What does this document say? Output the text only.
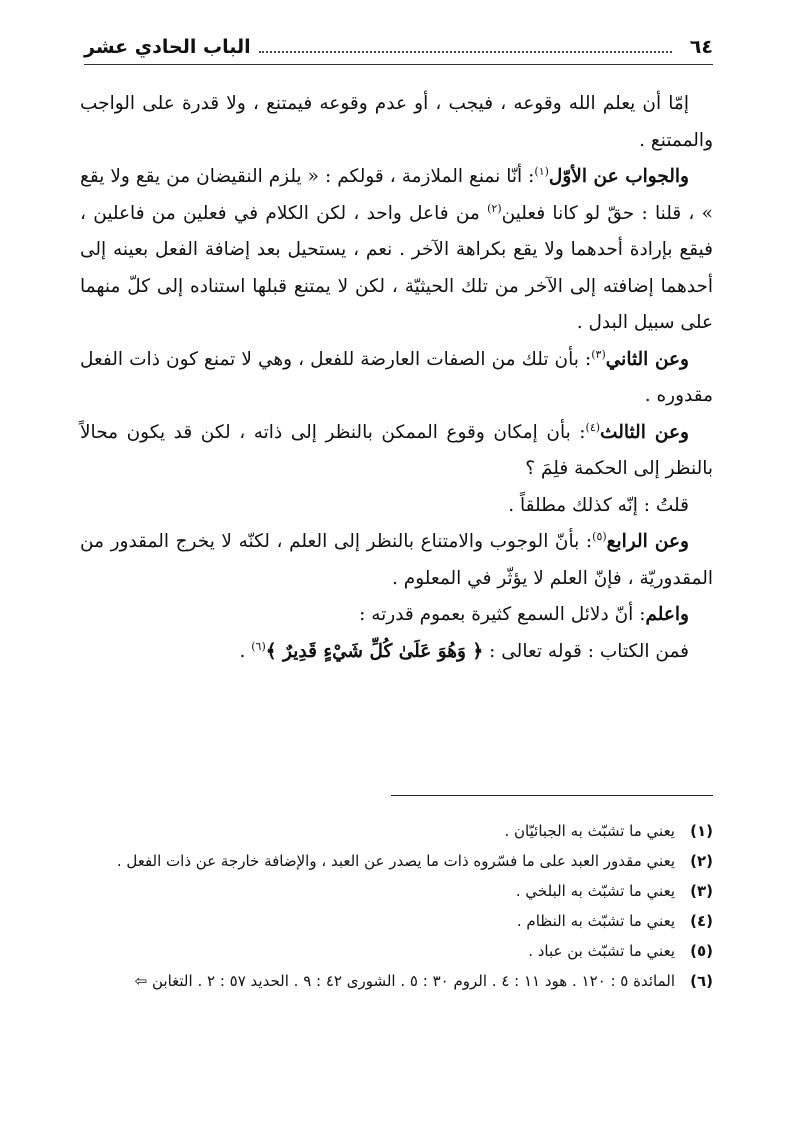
٦٤
الباب الحادي عشر

إمّا أن يعلم الله وقوعه ، فيجب ، أو عدم وقوعه فيمتنع ، ولا قدرة على الواجب والممتنع .

والجواب عن الأوّل$^{(١)}$: أنّا نمنع الملازمة ، قولكم : « يلزم النقيضان من يقع ولا يقع » ، قلنا : حقّ لو كانا فعلين$^{(٢)}$ من فاعل واحد ، لكن الكلام في فعلين من فاعلين ، فيقع بإرادة أحدهما ولا يقع بكراهة الآخر . نعم ، يستحيل بعد إضافة الفعل بعينه إلى أحدهما إضافته إلى الآخر من تلك الحيثيّة ، لكن لا يمتنع قبلها استناده إلى كلّ منهما على سبيل البدل .

وعن الثاني$^{(٣)}$: بأن تلك من الصفات العارضة للفعل ، وهي لا تمنع كون ذات الفعل مقدوره .

وعن الثالث$^{(٤)}$: بأن إمكان وقوع الممكن بالنظر إلى ذاته ، لكن قد يكون محالاً بالنظر إلى الحكمة فلِمَ ؟

قلتُ : إنّه كذلك مطلقاً .

وعن الرابع$^{(٥)}$: بأنّ الوجوب والامتناع بالنظر إلى العلم ، لكنّه لا يخرج المقدور من المقدوريّة ، فإنّ العلم لا يؤثّر في المعلوم .

واعلم: أنّ دلائل السمع كثيرة بعموم قدرته :

فمن الكتاب : قوله تعالى : ﴿ وَهُوَ عَلَىٰ كُلِّ شَيْءٍ قَدِيرٌ ﴾$^{(٦)}$ .

(١)
يعني ما تشبّث به الجبائيّان .
(٢)
يعني مقدور العبد على ما فسّروه ذات ما يصدر عن العبد ، والإضافة خارجة عن ذات الفعل .
(٣)
يعني ما تشبّث به البلخي .
(٤)
يعني ما تشبّث به النظام .
(٥)
يعني ما تشبّث بن عباد .
(٦)
المائدة ٥ : ١٢٠ . هود ١١ : ٤ . الروم ٣٠ : ٥ . الشورى ٤٢ : ٩ . الحديد ٥٧ : ٢ . التغابن ⇦
